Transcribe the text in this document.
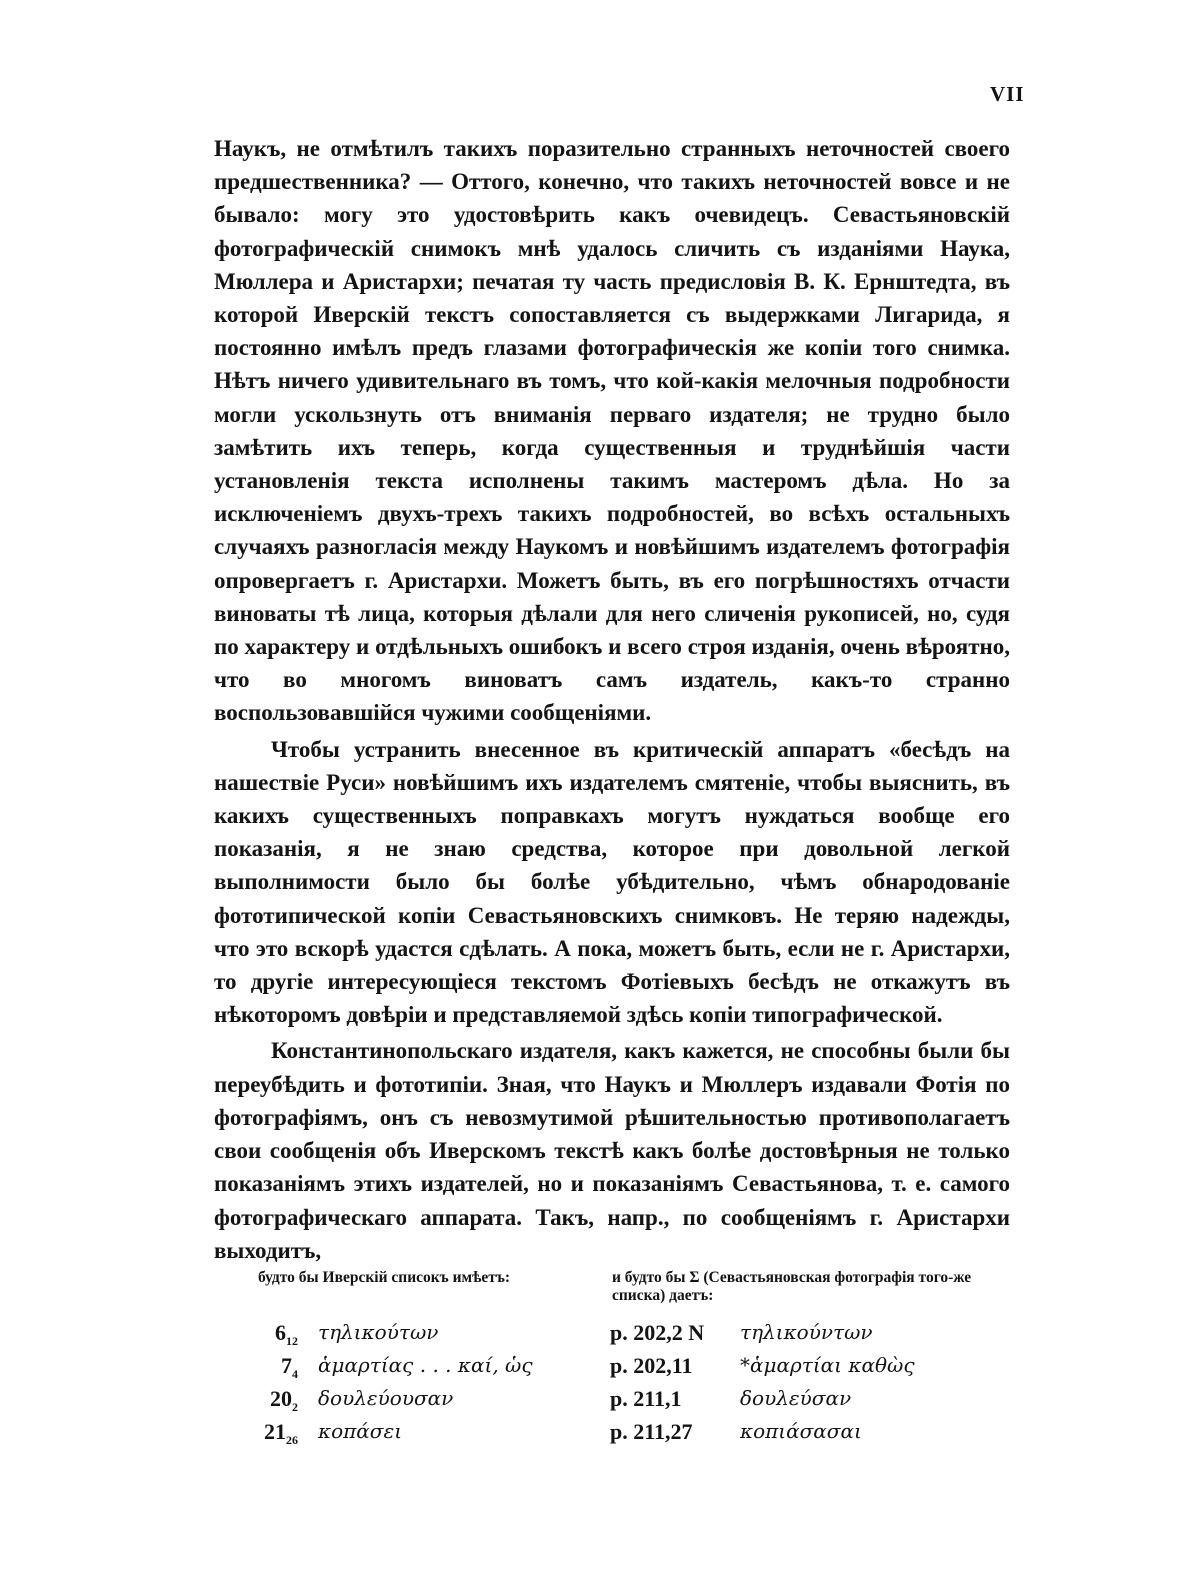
VII

Наукъ, не отмѣтилъ такихъ поразительно странныхъ неточностей своего предшественника? — Оттого, конечно, что такихъ неточностей вовсе и не бывало: могу это удостовѣрить какъ очевидецъ. Севастьяновскій фотографическій снимокъ мнѣ удалось сличить съ изданіями Наука, Мюллера и Аристархи; печатая ту часть предисловія В. К. Ернштедта, въ которой Иверскій текстъ сопоставляется съ выдержками Лигарида, я постоянно имѣлъ предъ глазами фотографическія же копіи того снимка. Нѣтъ ничего удивительнаго въ томъ, что кой-какія мелочныя подробности могли ускользнуть отъ вниманія перваго издателя; не трудно было замѣтить ихъ теперь, когда существенныя и труднѣйшія части установленія текста исполнены такимъ мастеромъ дѣла. Но за исключеніемъ двухъ-трехъ такихъ подробностей, во всѣхъ остальныхъ случаяхъ разногласія между Наукомъ и новѣйшимъ издателемъ фотографія опровергаетъ г. Аристархи. Можетъ быть, въ его погрѣшностяхъ отчасти виноваты тѣ лица, которыя дѣлали для него сличенія рукописей, но, судя по характеру и отдѣльныхъ ошибокъ и всего строя изданія, очень вѣроятно, что во многомъ виноватъ самъ издатель, какъ-то странно воспользовавшійся чужими сообщеніями.

Чтобы устранить внесенное въ критическій аппаратъ «бесѣдъ на нашествіе Руси» новѣйшимъ ихъ издателемъ смятеніе, чтобы выяснить, въ какихъ существенныхъ поправкахъ могутъ нуждаться вообще его показанія, я не знаю средства, которое при довольной легкой выполнимости было бы болѣе убѣдительно, чѣмъ обнародованіе фототипической копіи Севастьяновскихъ снимковъ. Не теряю надежды, что это вскорѣ удастся сдѣлать. А пока, можетъ быть, если не г. Аристархи, то другіе интересующіеся текстомъ Фотіевыхъ бесѣдъ не откажутъ въ нѣкоторомъ довѣріи и представляемой здѣсь копіи типографической.

Константинопольскаго издателя, какъ кажется, не способны были бы переубѣдить и фототипіи. Зная, что Наукъ и Мюллеръ издавали Фотія по фотографіямъ, онъ съ невозмутимой рѣшительностью противополагаетъ свои сообщенія объ Иверскомъ текстѣ какъ болѣе достовѣрныя не только показаніямъ этихъ издателей, но и показаніямъ Севастьянова, т. е. самого фотографическаго аппарата. Такъ, напр., по сообщеніямъ г. Аристархи выходитъ,

будто бы Иверскій списокъ имѣетъ:	и будто бы Σ (Севастьяновская фотографія того-же списка) даетъ:
$6_{12}$ τηλικούτων	p. 202,2 N τηλικούντων
$7_4$ ἁμαρτίας . . . καί, ὡς	p. 202,11 *ἁμαρτίαι καθὼς
$20_2$ δουλεύουσαν	p. 211,1	δουλεύσαν
$21_{26}$ κοπάσει	p. 211,27 κοπιάσασαι
